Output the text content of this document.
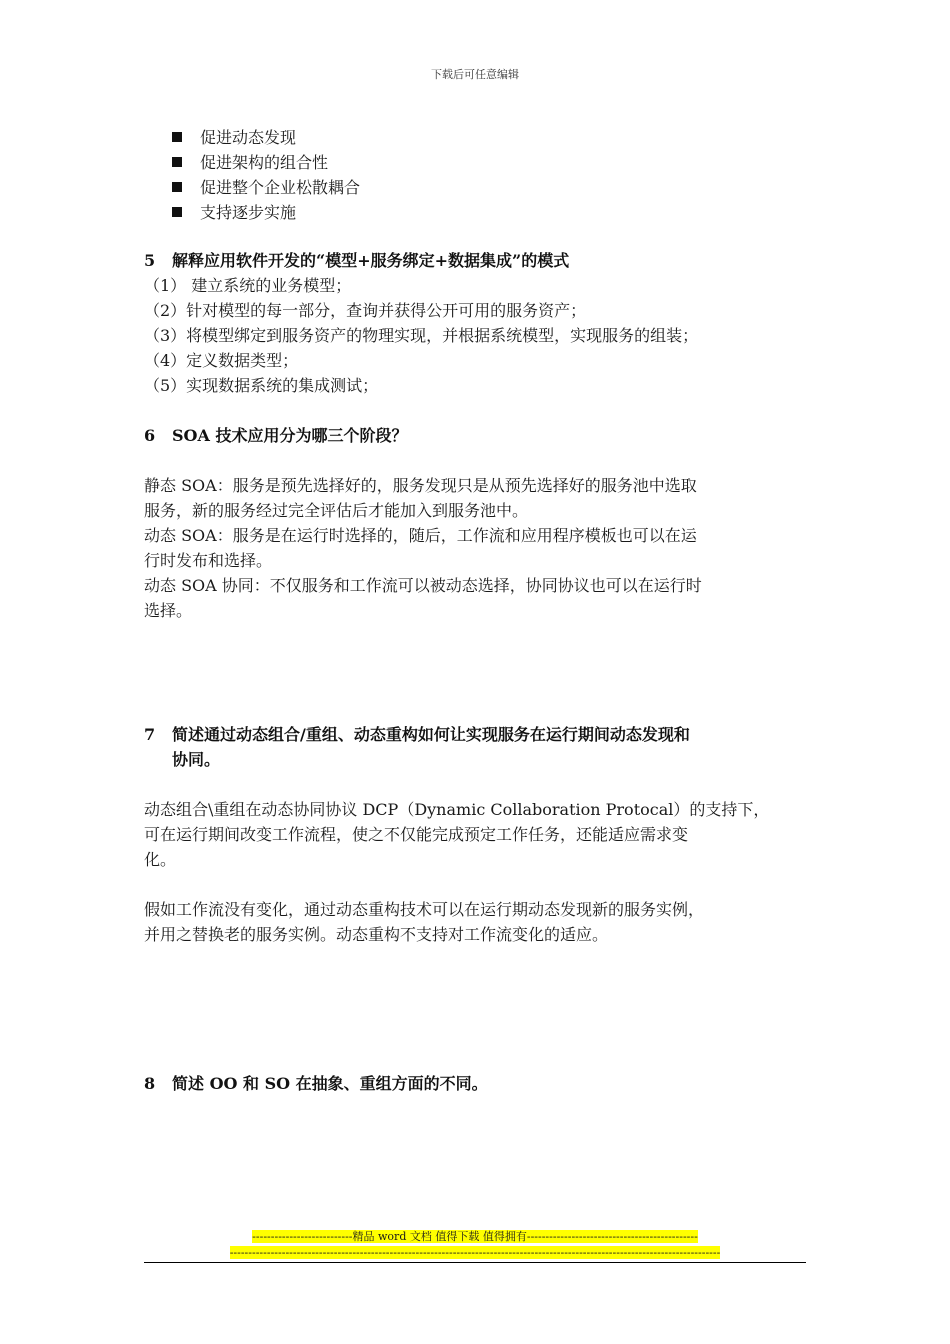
下载后可任意编辑
促进动态发现
促进架构的组合性
促进整个企业松散耦合
支持逐步实施
5 解释应用软件开发的“模型+服务绑定+数据集成”的模式
（1） 建立系统的业务模型；
（2）针对模型的每一部分，查询并获得公开可用的服务资产；
（3）将模型绑定到服务资产的物理实现，并根据系统模型，实现服务的组装；
（4）定义数据类型；
（5）实现数据系统的集成测试；
6 SOA 技术应用分为哪三个阶段？
静态 SOA：服务是预先选择好的，服务发现只是从预先选择好的服务池中选取
服务，新的服务经过完全评估后才能加入到服务池中。
动态 SOA：服务是在运行时选择的，随后，工作流和应用程序模板也可以在运
行时发布和选择。
动态 SOA 协同：不仅服务和工作流可以被动态选择，协同协议也可以在运行时
选择。
7 简述通过动态组合/重组、动态重构如何让实现服务在运行期间动态发现和
协同。
动态组合\重组在动态协同协议 DCP（Dynamic Collaboration Protocal）的支持下，
可在运行期间改变工作流程，使之不仅能完成预定工作任务，还能适应需求变
化。
假如工作流没有变化，通过动态重构技术可以在运行期动态发现新的服务实例，
并用之替换老的服务实例。动态重构不支持对工作流变化的适应。
8 简述 OO 和 SO 在抽象、重组方面的不同。
---------------------------精品 word 文档 值得下载 值得拥有----------------------------------------------
------------------------------------------------------------------------------------------------------------------------------------
